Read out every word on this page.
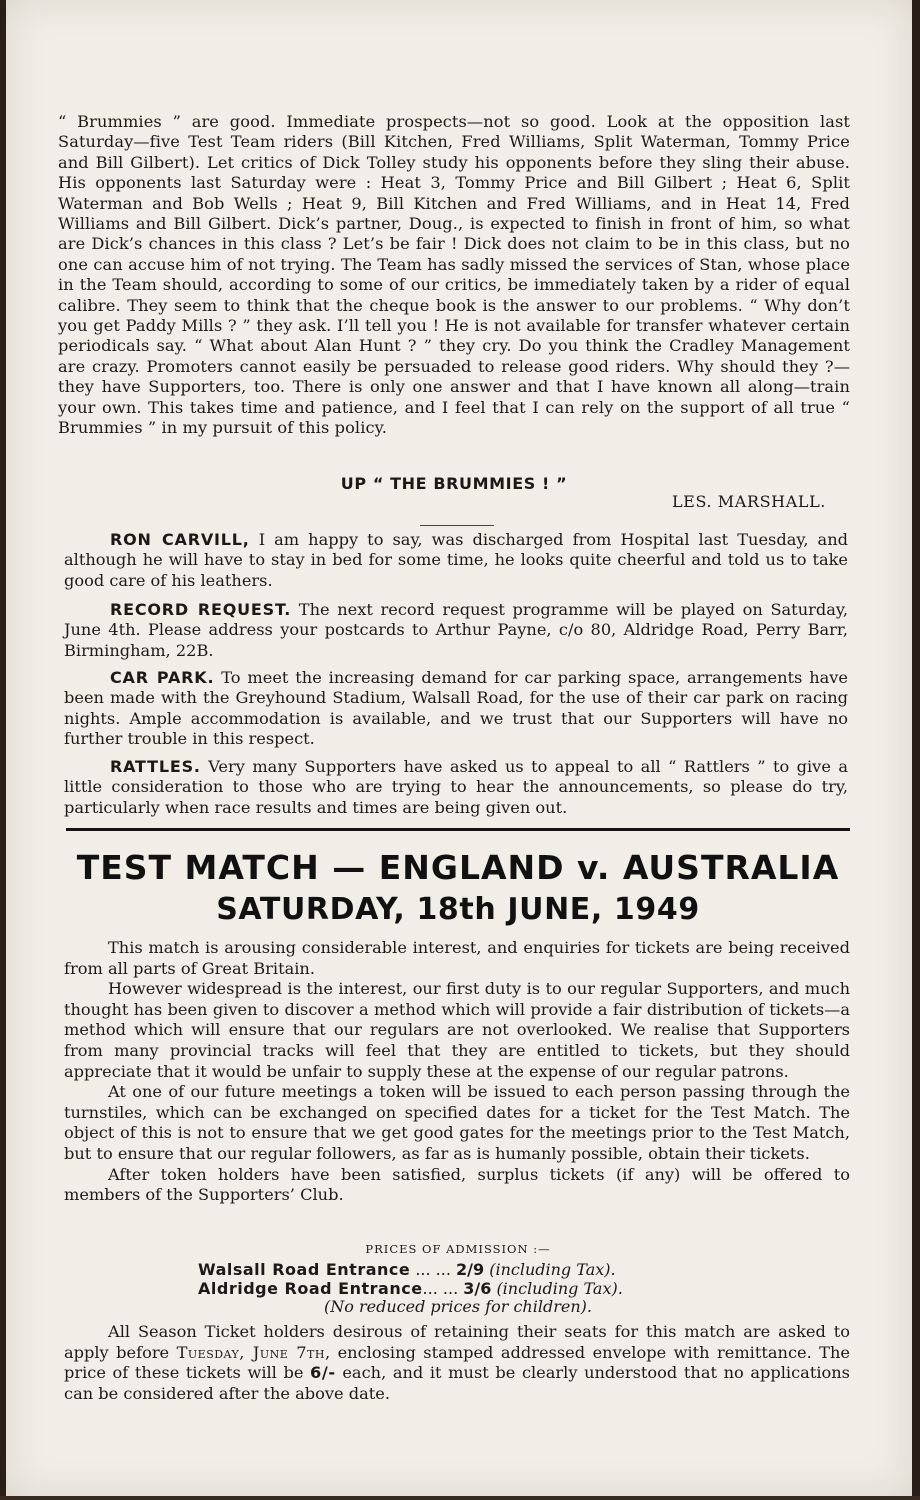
“ Brummies ” are good. Immediate prospects—not so good. Look at the opposition last Saturday—five Test Team riders (Bill Kitchen, Fred Williams, Split Waterman, Tommy Price and Bill Gilbert). Let critics of Dick Tolley study his opponents before they sling their abuse. His opponents last Saturday were : Heat 3, Tommy Price and Bill Gilbert ; Heat 6, Split Waterman and Bob Wells ; Heat 9, Bill Kitchen and Fred Williams, and in Heat 14, Fred Williams and Bill Gilbert. Dick’s partner, Doug., is expected to finish in front of him, so what are Dick’s chances in this class ? Let’s be fair ! Dick does not claim to be in this class, but no one can accuse him of not trying. The Team has sadly missed the services of Stan, whose place in the Team should, according to some of our critics, be immediately taken by a rider of equal calibre. They seem to think that the cheque book is the answer to our problems. “ Why don’t you get Paddy Mills ? ” they ask. I’ll tell you ! He is not available for transfer whatever certain periodicals say. “ What about Alan Hunt ? ” they cry. Do you think the Cradley Management are crazy. Promoters cannot easily be persuaded to release good riders. Why should they ?—they have Supporters, too. There is only one answer and that I have known all along—train your own. This takes time and patience, and I feel that I can rely on the support of all true “ Brummies ” in my pursuit of this policy.
UP “ THE BRUMMIES ! ”
LES. MARSHALL.
RON CARVILL, I am happy to say, was discharged from Hospital last Tuesday, and although he will have to stay in bed for some time, he looks quite cheerful and told us to take good care of his leathers.
RECORD REQUEST. The next record request programme will be played on Saturday, June 4th. Please address your postcards to Arthur Payne, c/o 80, Aldridge Road, Perry Barr, Birmingham, 22B.
CAR PARK. To meet the increasing demand for car parking space, arrangements have been made with the Greyhound Stadium, Walsall Road, for the use of their car park on racing nights. Ample accommodation is available, and we trust that our Supporters will have no further trouble in this respect.
RATTLES. Very many Supporters have asked us to appeal to all “ Rattlers ” to give a little consideration to those who are trying to hear the announcements, so please do try, particularly when race results and times are being given out.
TEST MATCH — ENGLAND v. AUSTRALIA
SATURDAY, 18th JUNE, 1949

This match is arousing considerable interest, and enquiries for tickets are being received from all parts of Great Britain.

However widespread is the interest, our first duty is to our regular Supporters, and much thought has been given to discover a method which will provide a fair distribution of tickets—a method which will ensure that our regulars are not overlooked. We realise that Supporters from many provincial tracks will feel that they are entitled to tickets, but they should appreciate that it would be unfair to supply these at the expense of our regular patrons.

At one of our future meetings a token will be issued to each person passing through the turnstiles, which can be exchanged on specified dates for a ticket for the Test Match. The object of this is not to ensure that we get good gates for the meetings prior to the Test Match, but to ensure that our regular followers, as far as is humanly possible, obtain their tickets.

After token holders have been satisfied, surplus tickets (if any) will be offered to members of the Supporters’ Club.

PRICES OF ADMISSION :—
Walsall Road Entrance ... ... 2/9 (including Tax).
Aldridge Road Entrance... ... 3/6 (including Tax).
(No reduced prices for children).
All Season Ticket holders desirous of retaining their seats for this match are asked to apply before Tuesday, June 7th, enclosing stamped addressed envelope with remittance. The price of these tickets will be 6/- each, and it must be clearly understood that no applications can be considered after the above date.
